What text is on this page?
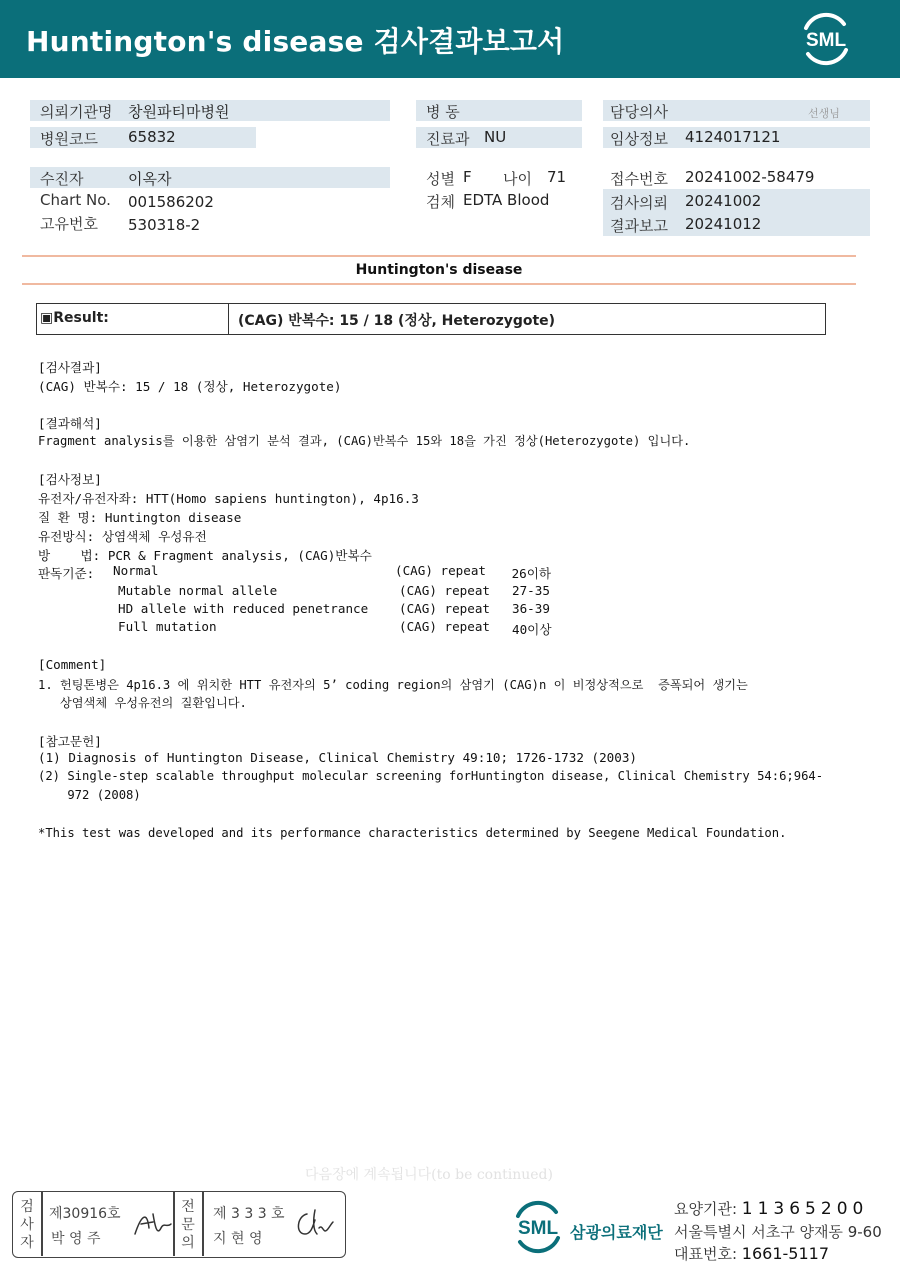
Huntington's disease 검사결과보고서	SML
의뢰기관명 창원파티마병원
병원코드 65832
수진자	이옥자
Chart No. 001586202
고유번호 530318-2
병 동
진료과 NU
성별 F 나이 71
검체 EDTA Blood
담당의사	선생님
임상정보 4124017121
접수번호 20241002-58479
검사의뢰 20241002
결과보고 20241012
Huntington's disease
▣Result:	(CAG) 반복수: 15 / 18 (정상, Heterozygote)
[검사결과]
(CAG) 반복수: 15 / 18 (정상, Heterozygote)
[결과해석]
Fragment analysis를 이용한 삼염기 분석 결과, (CAG)반복수 15와 18을 가진 정상(Heterozygote) 입니다.
[검사정보]
유전자/유전자좌: HTT(Homo sapiens huntington), 4p16.3
질 환 명: Huntington disease
유전방식: 상염색체 우성유전
방    법: PCR & Fragment analysis, (CAG)반복수
판독기준: Normal	(CAG) repeat 26이하
Mutable normal allele	(CAG) repeat 27-35
HD allele with reduced penetrance (CAG) repeat 36-39
Full mutation	(CAG) repeat 40이상
[Comment]
1. 헌팅톤병은 4p16.3 에 위치한 HTT 유전자의 5’ coding region의 삼염기 (CAG)n 이 비정상적으로  증폭되어 생기는
상염색체 우성유전의 질환입니다.
[참고문헌]
(1) Diagnosis of Huntington Disease, Clinical Chemistry 49:10; 1726-1732 (2003)
(2) Single-step scalable throughput molecular screening forHuntington disease, Clinical Chemistry 54:6;964-
972 (2008)
*This test was developed and its performance characteristics determined by Seegene Medical Foundation.
다음장에 계속됩니다(to be continued)
검
사
자
제30916호
박 영 주
전
문
의
제 3 3 3 호
지 현 영	SML 삼광의료재단
요양기관: 11365200
서울특별시 서초구 양재동 9-60
대표번호: 1661-5117
